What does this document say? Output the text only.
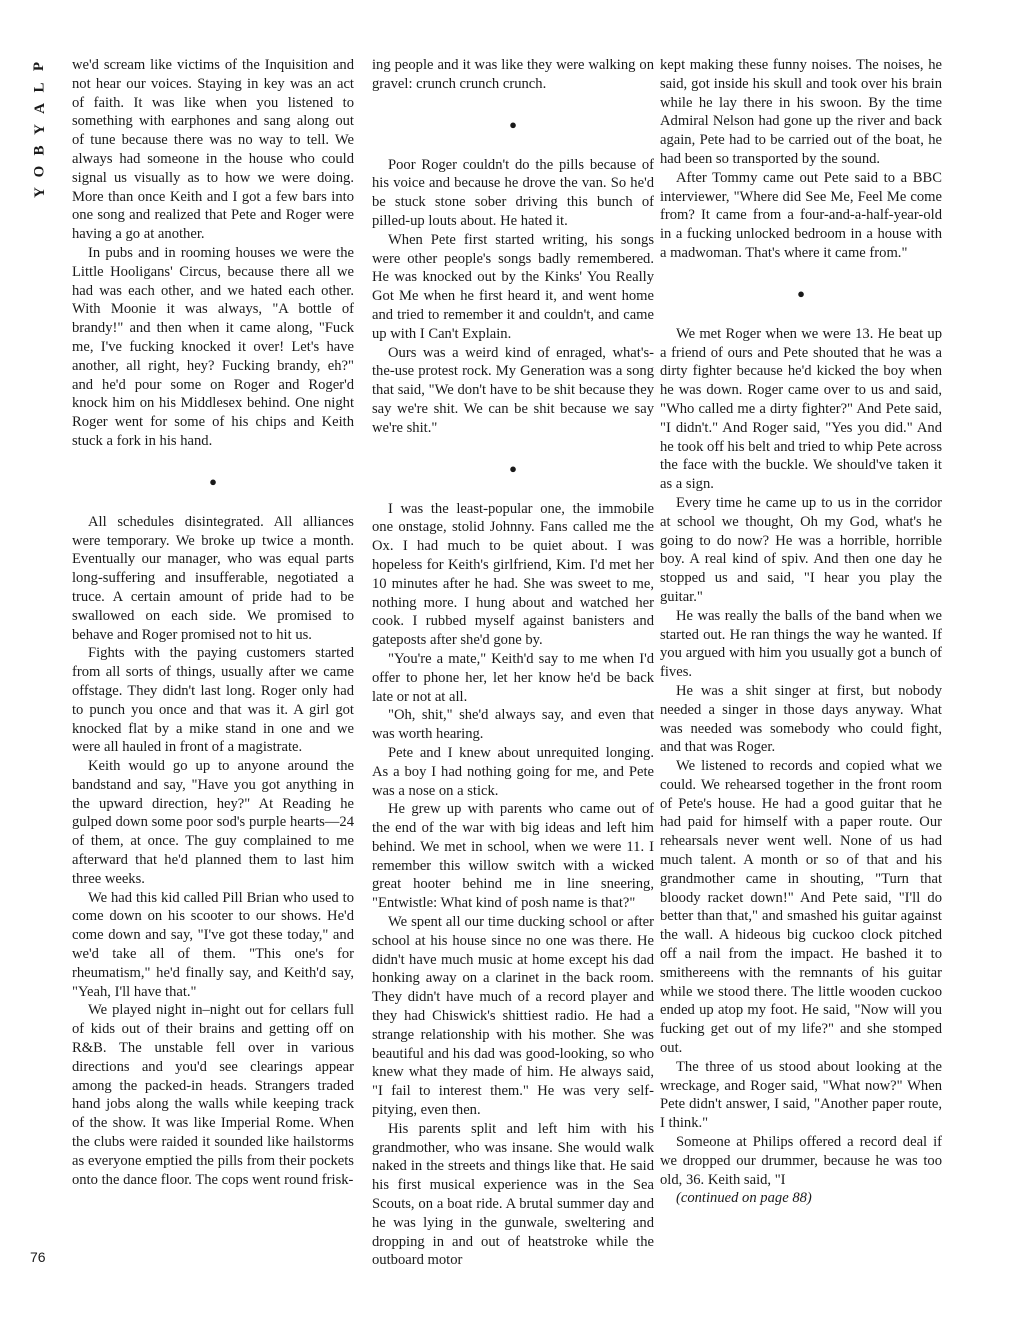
P
L
A
Y
B
O
Y
76

we'd scream like victims of the Inquisition and not hear our voices. Staying in key was an act of faith. It was like when you listened to something with earphones and sang along out of tune because there was no way to tell. We always had someone in the house who could signal us visually as to how we were doing. More than once Keith and I got a few bars into one song and realized that Pete and Roger were having a go at another.

In pubs and in rooming houses we were the Little Hooligans' Circus, because there all we had was each other, and we hated each other. With Moonie it was always, "A bottle of brandy!" and then when it came along, "Fuck me, I've fucking knocked it over! Let's have another, all right, hey? Fucking brandy, eh?" and he'd pour some on Roger and Roger'd knock him on his Middlesex behind. One night Roger went for some of his chips and Keith stuck a fork in his hand.

●

All schedules disintegrated. All alliances were temporary. We broke up twice a month. Eventually our manager, who was equal parts long-suffering and insufferable, negotiated a truce. A certain amount of pride had to be swallowed on each side. We promised to behave and Roger promised not to hit us.

Fights with the paying customers started from all sorts of things, usually after we came offstage. They didn't last long. Roger only had to punch you once and that was it. A girl got knocked flat by a mike stand in one and we were all hauled in front of a magistrate.

Keith would go up to anyone around the bandstand and say, "Have you got anything in the upward direction, hey?" At Reading he gulped down some poor sod's purple hearts—24 of them, at once. The guy complained to me afterward that he'd planned them to last him three weeks.

We had this kid called Pill Brian who used to come down on his scooter to our shows. He'd come down and say, "I've got these today," and we'd take all of them. "This one's for rheumatism," he'd finally say, and Keith'd say, "Yeah, I'll have that."

We played night in–night out for cellars full of kids out of their brains and getting off on R&B. The unstable fell over in various directions and you'd see clearings appear among the packed-in heads. Strangers traded hand jobs along the walls while keeping track of the show. It was like Imperial Rome. When the clubs were raided it sounded like hailstorms as everyone emptied the pills from their pockets onto the dance floor. The cops went round frisk-

ing people and it was like they were walking on gravel: crunch crunch crunch.

●

Poor Roger couldn't do the pills because of his voice and because he drove the van. So he'd be stuck stone sober driving this bunch of pilled-up louts about. He hated it.

When Pete first started writing, his songs were other people's songs badly remembered. He was knocked out by the Kinks' You Really Got Me when he first heard it, and went home and tried to remember it and couldn't, and came up with I Can't Explain.

Ours was a weird kind of enraged, what's-the-use protest rock. My Generation was a song that said, "We don't have to be shit because they say we're shit. We can be shit because we say we're shit."

●

I was the least-popular one, the immobile one onstage, stolid Johnny. Fans called me the Ox. I had much to be quiet about. I was hopeless for Keith's girlfriend, Kim. I'd met her 10 minutes after he had. She was sweet to me, nothing more. I hung about and watched her cook. I rubbed myself against banisters and gateposts after she'd gone by.

"You're a mate," Keith'd say to me when I'd offer to phone her, let her know he'd be back late or not at all.

"Oh, shit," she'd always say, and even that was worth hearing.

Pete and I knew about unrequited longing. As a boy I had nothing going for me, and Pete was a nose on a stick.

He grew up with parents who came out of the end of the war with big ideas and left him behind. We met in school, when we were 11. I remember this willow switch with a wicked great hooter behind me in line sneering, "Entwistle: What kind of posh name is that?"

We spent all our time ducking school or after school at his house since no one was there. He didn't have much music at home except his dad honking away on a clarinet in the back room. They didn't have much of a record player and they had Chiswick's shittiest radio. He had a strange relationship with his mother. She was beautiful and his dad was good-looking, so who knew what they made of him. He always said, "I fail to interest them." He was very self-pitying, even then.

His parents split and left him with his grandmother, who was insane. She would walk naked in the streets and things like that. He said his first musical experience was in the Sea Scouts, on a boat ride. A brutal summer day and he was lying in the gunwale, sweltering and dropping in and out of heatstroke while the outboard motor

kept making these funny noises. The noises, he said, got inside his skull and took over his brain while he lay there in his swoon. By the time Admiral Nelson had gone up the river and back again, Pete had to be carried out of the boat, he had been so transported by the sound.

After Tommy came out Pete said to a BBC interviewer, "Where did See Me, Feel Me come from? It came from a four-and-a-half-year-old in a fucking unlocked bedroom in a house with a madwoman. That's where it came from."

●

We met Roger when we were 13. He beat up a friend of ours and Pete shouted that he was a dirty fighter because he'd kicked the boy when he was down. Roger came over to us and said, "Who called me a dirty fighter?" And Pete said, "I didn't." And Roger said, "Yes you did." And he took off his belt and tried to whip Pete across the face with the buckle. We should've taken it as a sign.

Every time he came up to us in the corridor at school we thought, Oh my God, what's he going to do now? He was a horrible, horrible boy. A real kind of spiv. And then one day he stopped us and said, "I hear you play the guitar."

He was really the balls of the band when we started out. He ran things the way he wanted. If you argued with him you usually got a bunch of fives.

He was a shit singer at first, but nobody needed a singer in those days anyway. What was needed was somebody who could fight, and that was Roger.

We listened to records and copied what we could. We rehearsed together in the front room of Pete's house. He had a good guitar that he had paid for himself with a paper route. Our rehearsals never went well. None of us had much talent. A month or so of that and his grandmother came in shouting, "Turn that bloody racket down!" And Pete said, "I'll do better than that," and smashed his guitar against the wall. A hideous big cuckoo clock pitched off a nail from the impact. He bashed it to smithereens with the remnants of his guitar while we stood there. The little wooden cuckoo ended up atop my foot. He said, "Now will you fucking get out of my life?" and she stomped out.

The three of us stood about looking at the wreckage, and Roger said, "What now?" When Pete didn't answer, I said, "Another paper route, I think."

Someone at Philips offered a record deal if we dropped our drummer, because he was too old, 36. Keith said, "I

(continued on page 88)
